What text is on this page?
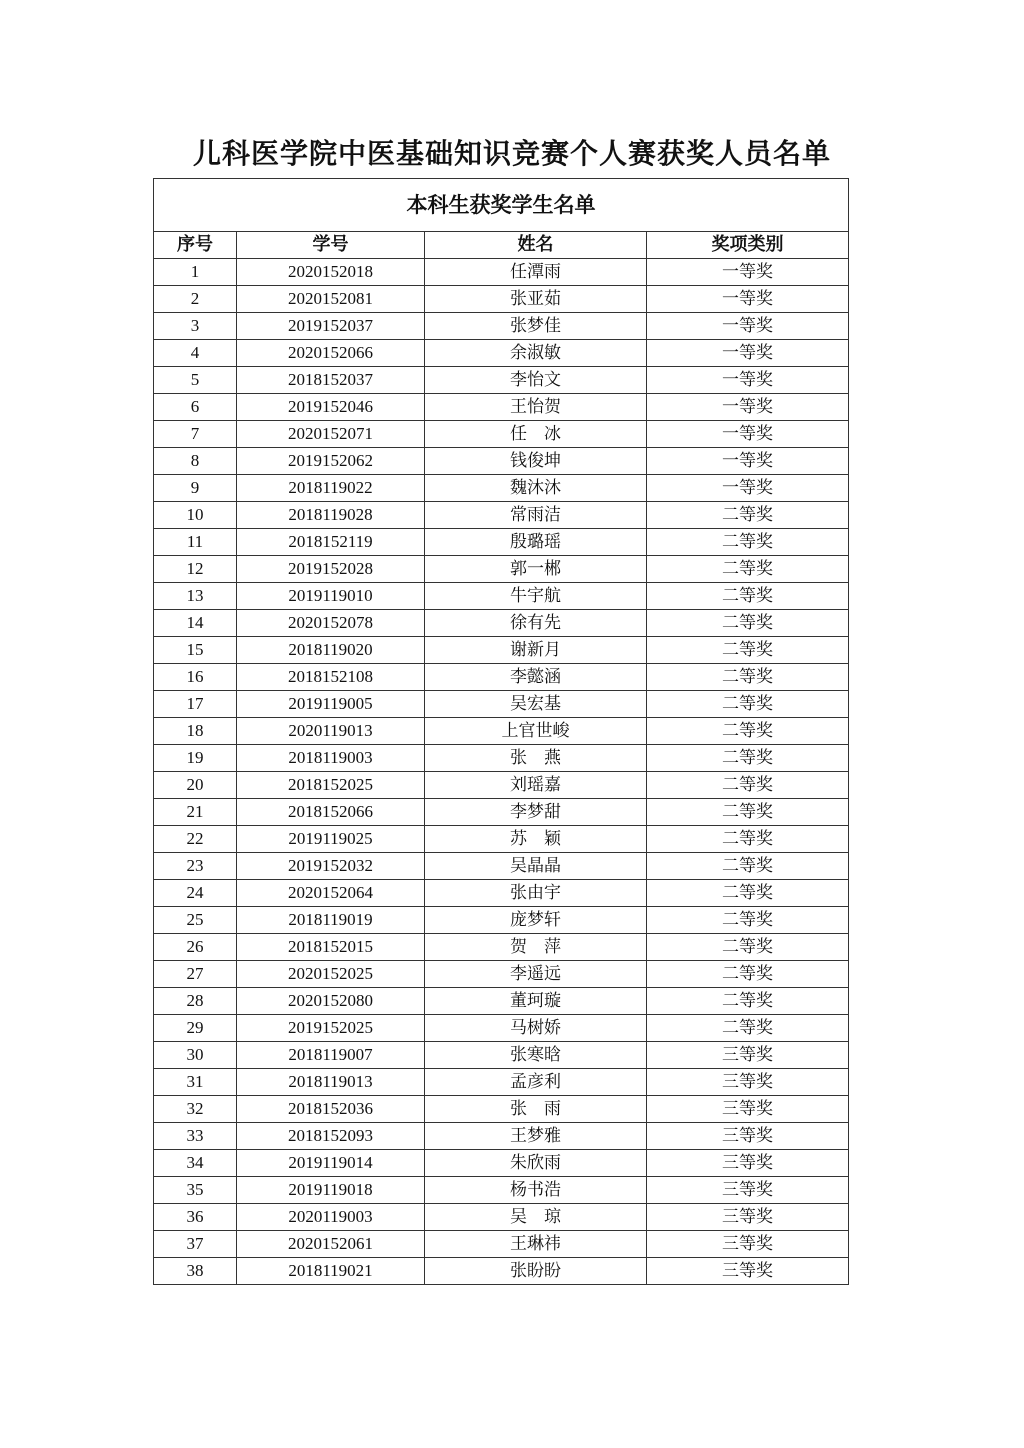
儿科医学院中医基础知识竞赛个人赛获奖人员名单
本科生获奖学生名单			
序号	学号	姓名	奖项类别
1	2020152018	任潭雨	一等奖
2	2020152081	张亚茹	一等奖
3	2019152037	张梦佳	一等奖
4	2020152066	余淑敏	一等奖
5	2018152037	李怡文	一等奖
6	2019152046	王怡贺	一等奖
7	2020152071	任　冰	一等奖
8	2019152062	钱俊坤	一等奖
9	2018119022	魏沐沐	一等奖
10	2018119028	常雨洁	二等奖
11	2018152119	殷璐瑶	二等奖
12	2019152028	郭一郴	二等奖
13	2019119010	牛宇航	二等奖
14	2020152078	徐有先	二等奖
15	2018119020	谢新月	二等奖
16	2018152108	李懿涵	二等奖
17	2019119005	吴宏基	二等奖
18	2020119013	上官世峻	二等奖
19	2018119003	张　燕	二等奖
20	2018152025	刘瑶嘉	二等奖
21	2018152066	李梦甜	二等奖
22	2019119025	苏　颖	二等奖
23	2019152032	吴晶晶	二等奖
24	2020152064	张由宇	二等奖
25	2018119019	庞梦轩	二等奖
26	2018152015	贺　萍	二等奖
27	2020152025	李遥远	二等奖
28	2020152080	董珂璇	二等奖
29	2019152025	马树娇	二等奖
30	2018119007	张寒晗	三等奖
31	2018119013	孟彦利	三等奖
32	2018152036	张　雨	三等奖
33	2018152093	王梦雅	三等奖
34	2019119014	朱欣雨	三等奖
35	2019119018	杨书浩	三等奖
36	2020119003	吴　琼	三等奖
37	2020152061	王琳祎	三等奖
38	2018119021	张盼盼	三等奖
